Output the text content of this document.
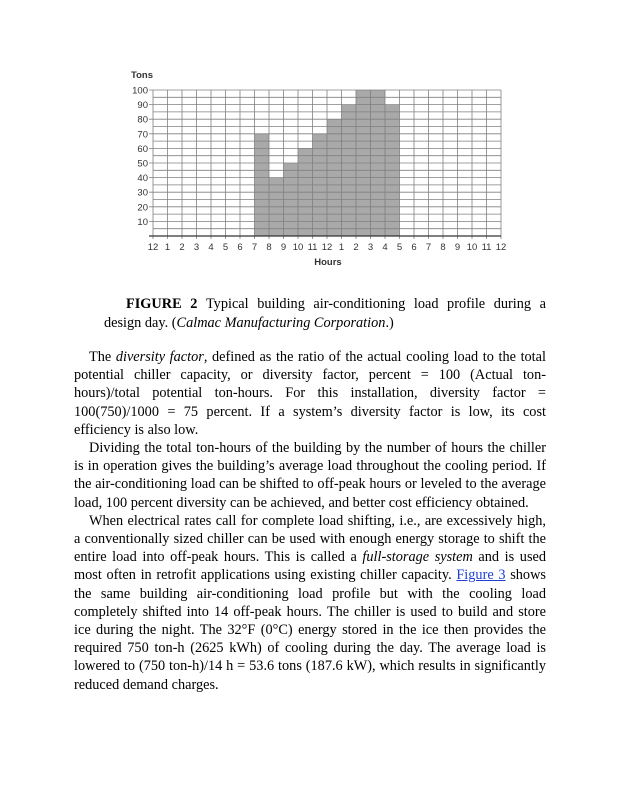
Tons
10
20
30
40
50
60
70
80
90
100
12 1 2 3 4 5 6 7 8 9 10 11 12 1 2 3 4 5 6 7 8 9 10 11 12
Hours
FIGURE 2 Typical building air-conditioning load profile during a design day. (Calmac Manufacturing Corporation.)

The diversity factor, defined as the ratio of the actual cooling load to the total potential chiller capacity, or diversity factor, percent = 100 (Actual ton-hours)/total potential ton-hours. For this installation, diversity factor = 100(750)/1000 = 75 percent. If a system’s diversity factor is low, its cost efficiency is also low.

Dividing the total ton-hours of the building by the number of hours the chiller is in operation gives the building’s average load throughout the cooling period. If the air-conditioning load can be shifted to off-peak hours or leveled to the average load, 100 percent diversity can be achieved, and better cost efficiency obtained.

When electrical rates call for complete load shifting, i.e., are excessively high, a conventionally sized chiller can be used with enough energy storage to shift the entire load into off-peak hours. This is called a full-storage system and is used most often in retrofit applications using existing chiller capacity. Figure 3 shows the same building air-conditioning load profile but with the cooling load completely shifted into 14 off-peak hours. The chiller is used to build and store ice during the night. The 32°F (0°C) energy stored in the ice then provides the required 750 ton-h (2625 kWh) of cooling during the day. The average load is lowered to (750 ton-h)/14 h = 53.6 tons (187.6 kW), which results in significantly reduced demand charges.
